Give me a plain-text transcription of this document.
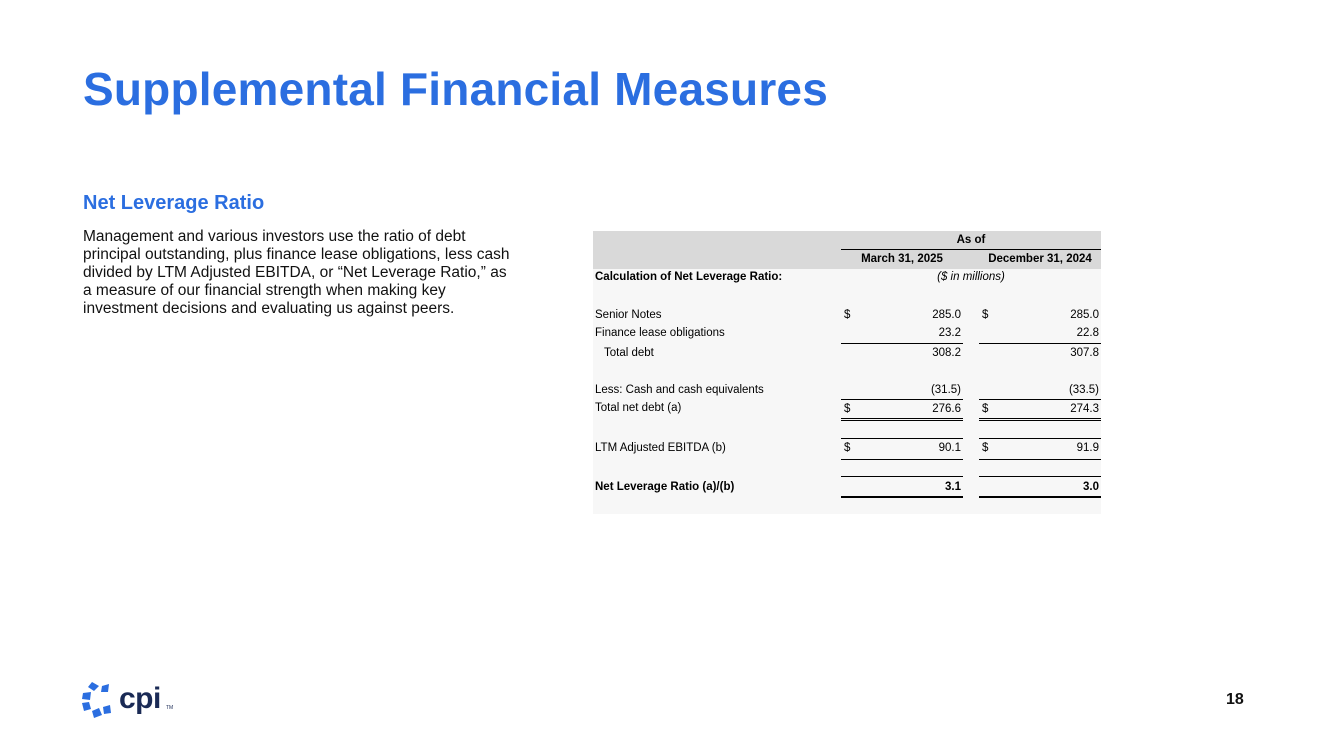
Supplemental Financial Measures
Net Leverage Ratio

Management and various investors use the ratio of debt principal outstanding, plus finance lease obligations, less cash divided by LTM Adjusted EBITDA, or “Net Leverage Ratio,” as a measure of our financial strength when making key investment decisions and evaluating us against peers.

As of
March 31, 2025	December 31, 2024
Calculation of Net Leverage Ratio:	($ in millions)
Senior Notes	$	285.0 $	285.0
Finance lease obligations	23.2	22.8
Total debt	308.2	307.8
Less: Cash and cash equivalents	(31.5)	(33.5)
Total net debt (a)	$	276.6 $	274.3
LTM Adjusted EBITDA (b)	$	90.1 $	91.9
Net Leverage Ratio (a)/(b)	3.1	3.0
cpi TM	18
